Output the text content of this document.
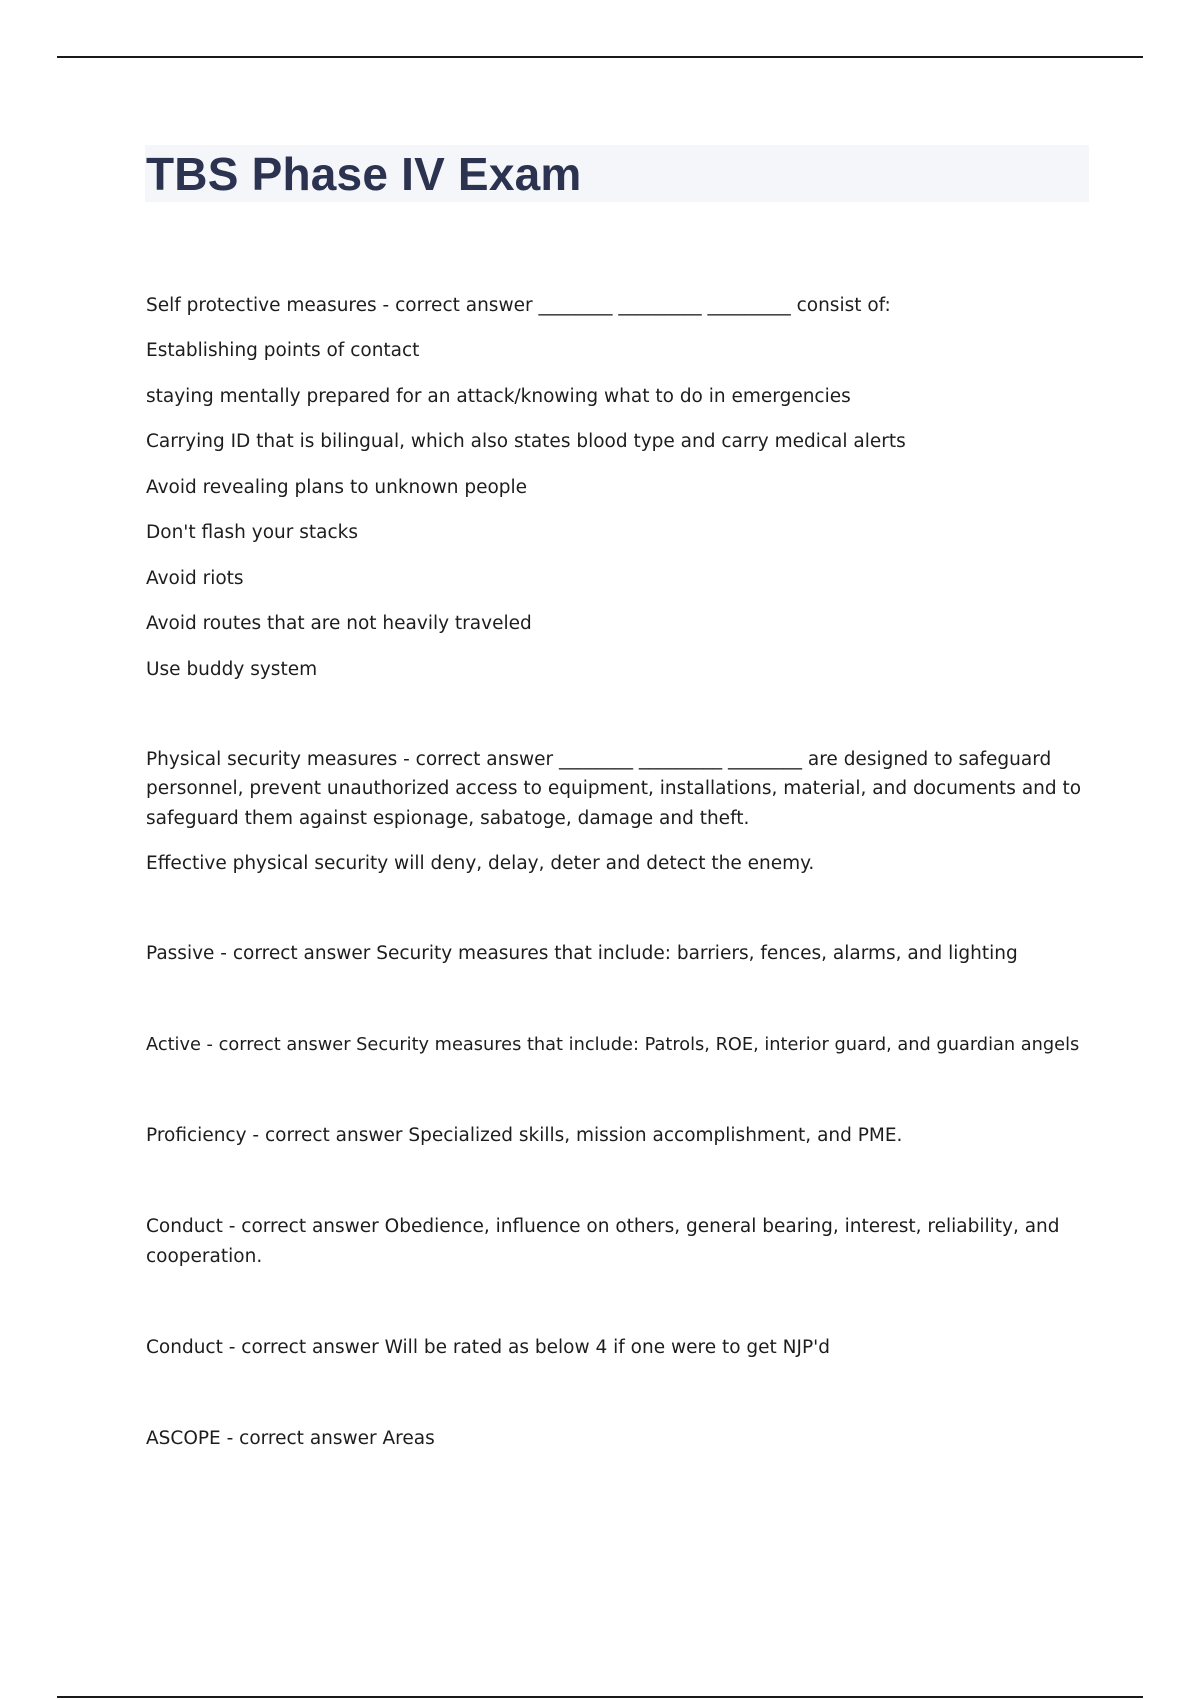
TBS Phase IV Exam

Self protective measures - correct answer ________ _________ _________ consist of:

Establishing points of contact

staying mentally prepared for an attack/knowing what to do in emergencies

Carrying ID that is bilingual, which also states blood type and carry medical alerts

Avoid revealing plans to unknown people

Don't flash your stacks

Avoid riots

Avoid routes that are not heavily traveled

Use buddy system

Physical security measures - correct answer ________ _________ ________ are designed to safeguard

personnel, prevent unauthorized access to equipment, installations, material, and documents and to

safeguard them against espionage, sabatoge, damage and theft.

Effective physical security will deny, delay, deter and detect the enemy.

Passive - correct answer Security measures that include: barriers, fences, alarms, and lighting

Active - correct answer Security measures that include: Patrols, ROE, interior guard, and guardian angels

Proficiency - correct answer Specialized skills, mission accomplishment, and PME.

Conduct - correct answer Obedience, influence on others, general bearing, interest, reliability, and

cooperation.

Conduct - correct answer Will be rated as below 4 if one were to get NJP'd

ASCOPE - correct answer Areas
